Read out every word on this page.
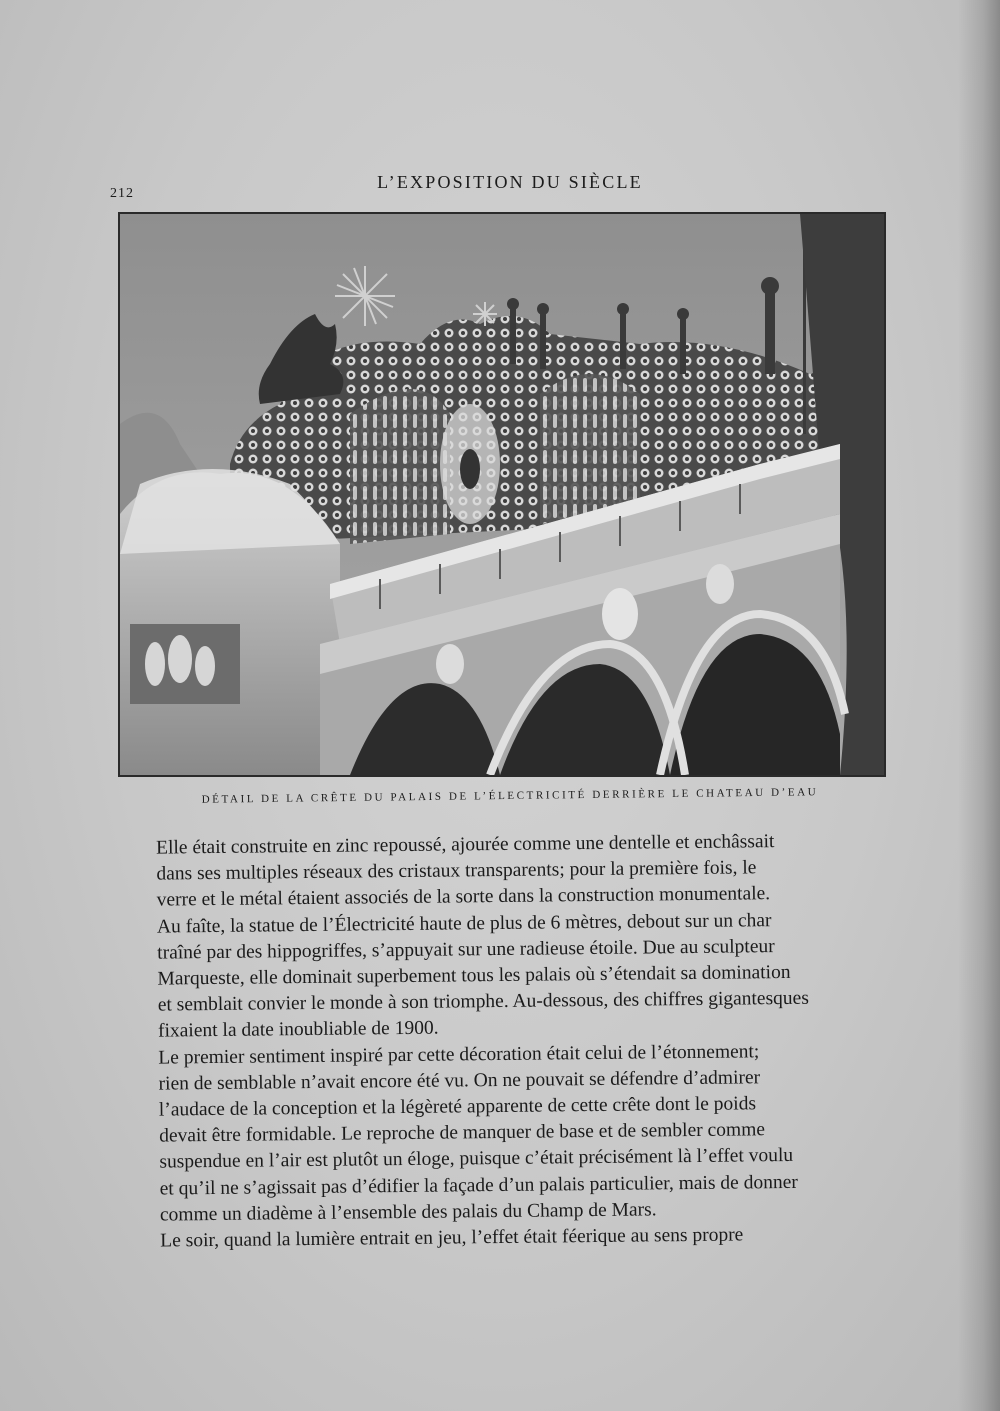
212
L’EXPOSITION DU SIÈCLE
DÉTAIL DE LA CRÊTE DU PALAIS DE L’ÉLECTRICITÉ DERRIÈRE LE CHATEAU D’EAU

Elle était construite en zinc repoussé, ajourée comme une dentelle et enchâssait
dans ses multiples réseaux des cristaux transparents; pour la première fois, le
verre et le métal étaient associés de la sorte dans la construction monumentale.

Au faîte, la statue de l’Électricité haute de plus de 6 mètres, debout sur un char
traîné par des hippogriffes, s’appuyait sur une radieuse étoile. Due au sculpteur
Marqueste, elle dominait superbement tous les palais où s’étendait sa domination
et semblait convier le monde à son triomphe. Au-dessous, des chiffres gigantesques
fixaient la date inoubliable de 1900.

Le premier sentiment inspiré par cette décoration était celui de l’étonnement;
rien de semblable n’avait encore été vu. On ne pouvait se défendre d’admirer
l’audace de la conception et la légèreté apparente de cette crête dont le poids
devait être formidable. Le reproche de manquer de base et de sembler comme
suspendue en l’air est plutôt un éloge, puisque c’était précisément là l’effet voulu
et qu’il ne s’agissait pas d’édifier la façade d’un palais particulier, mais de donner
comme un diadème à l’ensemble des palais du Champ de Mars.

Le soir, quand la lumière entrait en jeu, l’effet était féerique au sens propre
